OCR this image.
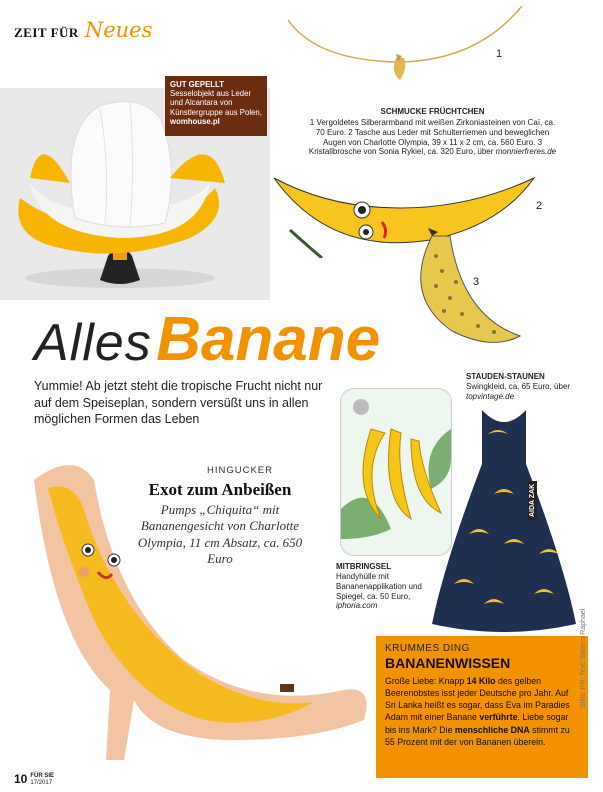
ZEIT FÜR Neues
GUT GEPELLT
Sesselobjekt aus Leder und Alcantara von Künstlergruppe aus Polen, womhouse.pl
1
SCHMUCKE FRÜCHTCHEN
1 Vergoldetes Silberarmband mit weißen Zirkoniasteinen von Caï, ca. 70 Euro. 2 Tasche aus Leder mit Schulterriemen und beweglichen Augen von Charlotte Olympia, 39 x 11 x 2 cm, ca. 560 Euro. 3 Kristallbrosche von Sonia Rykiel, ca. 320 Euro, über monnierfreres.de
2
3
Alles Banane
Yummie! Ab jetzt steht die tropische Frucht nicht nur auf dem Speiseplan, sondern versüßt uns in allen möglichen Formen das Leben
HINGUCKER
Exot zum Anbeißen
Pumps „Chiquita“ mit Bananengesicht von Charlotte Olympia, 11 cm Absatz, ca. 650 Euro
MITBRINGSEL
Handyhülle mit Bananenapplikation und Spiegel, ca. 50 Euro, iphoria.com
STAUDEN-STAUNEN
Swingkleid, ca. 65 Euro, über topvintage.de
AIDA ZAK
KRUMMES DING
BANANENWISSEN
Große Liebe: Knapp 14 Kilo des gelben Beerenobstes isst jeder Deutsche pro Jahr. Auf Sri Lanka heißt es sogar, dass Eva im Paradies Adam mit einer Banane verführte. Liebe sogar bis ins Mark? Die menschliche DNA stimmt zu 55 Prozent mit der von Bananen überein.
Stills: PR; Text: Tatjana Raphael
10 FÜR SIE
17/2017
